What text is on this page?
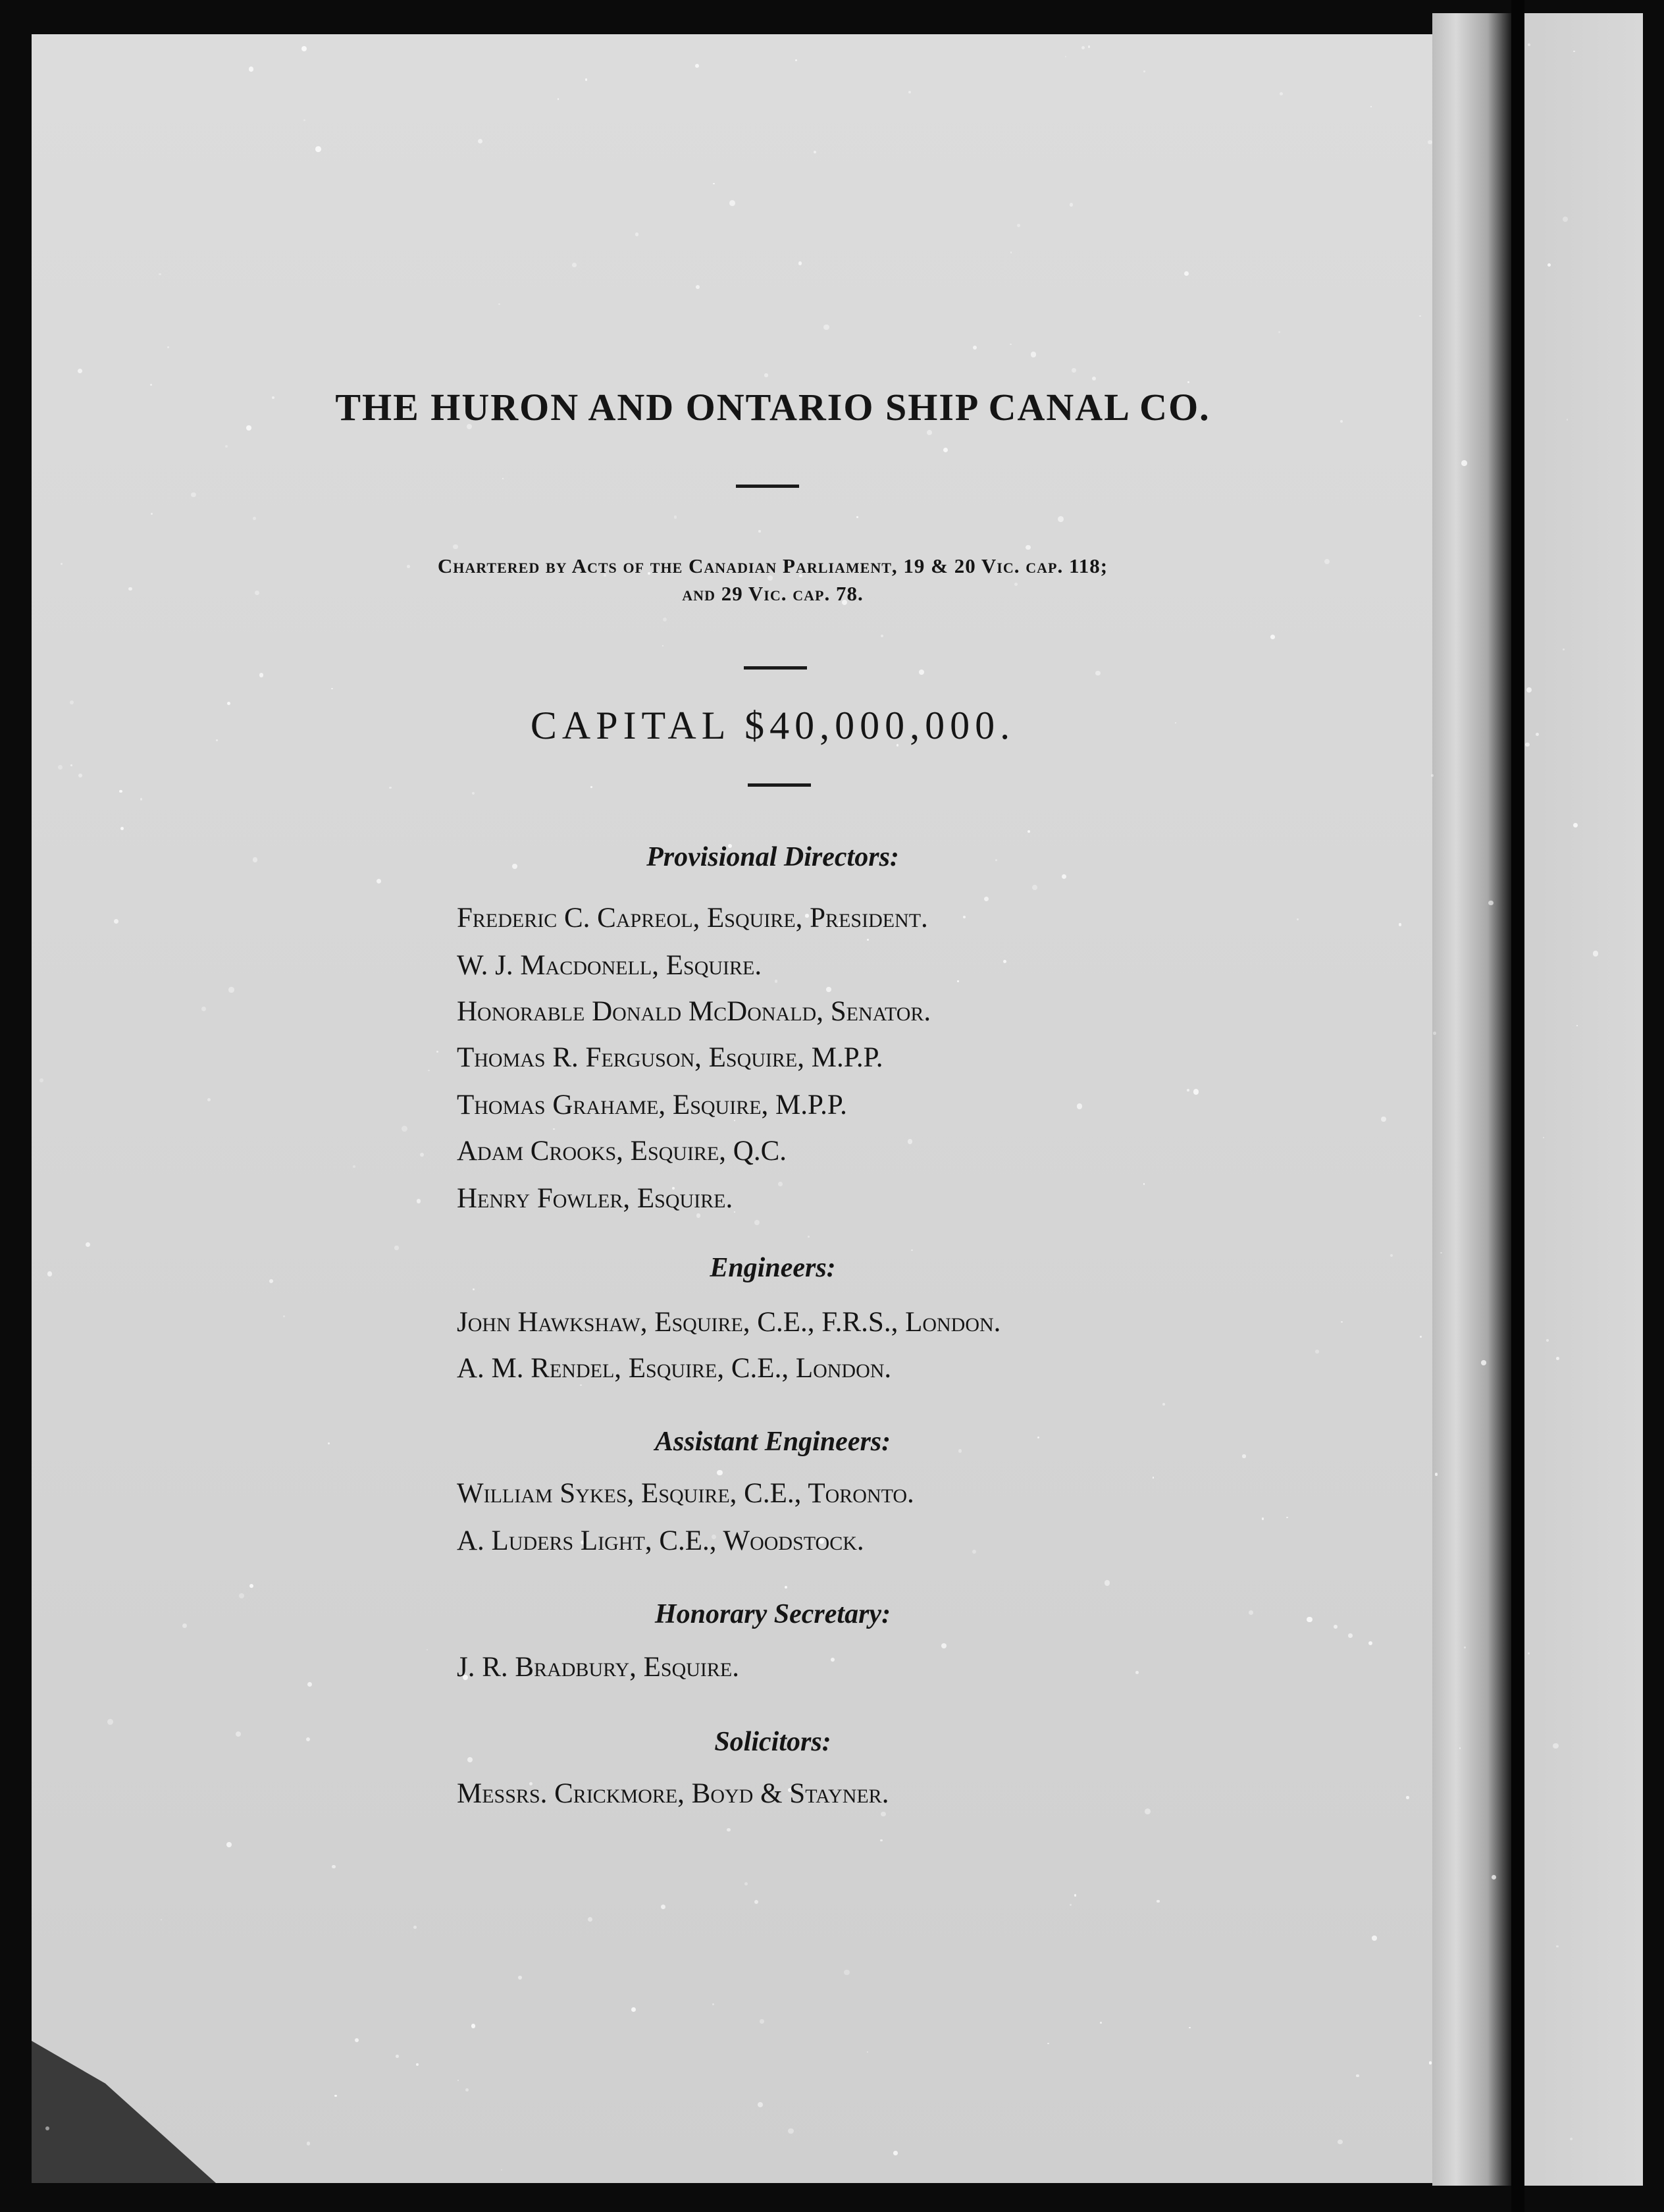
THE HURON AND ONTARIO SHIP CANAL CO.
Chartered by Acts of the Canadian Parliament, 19 & 20 Vic. cap. 118;
and 29 Vic. cap. 78.
CAPITAL $40,000,000.
Provisional Directors:
Frederic C. Capreol, Esquire, President.
W. J. Macdonell, Esquire.
Honorable Donald McDonald, Senator.
Thomas R. Ferguson, Esquire, M.P.P.
Thomas Grahame, Esquire, M.P.P.
Adam Crooks, Esquire, Q.C.
Henry Fowler, Esquire.
Engineers:
John Hawkshaw, Esquire, C.E., F.R.S., London.
A. M. Rendel, Esquire, C.E., London.
Assistant Engineers:
William Sykes, Esquire, C.E., Toronto.
A. Luders Light, C.E., Woodstock.
Honorary Secretary:
J. R. Bradbury, Esquire.
Solicitors:
Messrs. Crickmore, Boyd & Stayner.
